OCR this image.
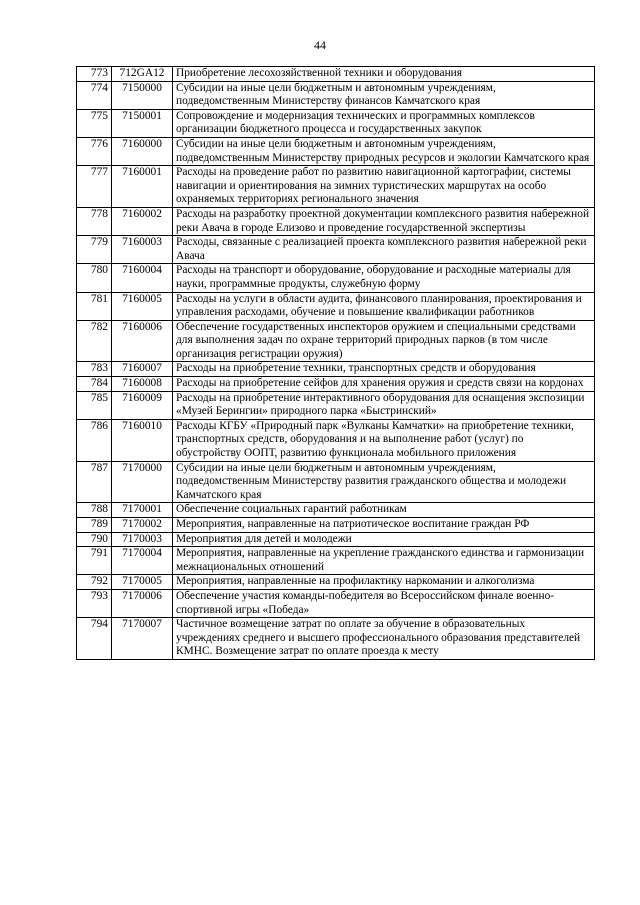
44
773	712GA12	Приобретение лесохозяйственной техники и оборудования
774	7150000	Субсидии на иные цели бюджетным и автономным учреждениям, подведомственным Министерству финансов Камчатского края
775	7150001	Сопровождение и модернизация технических и программных комплексов организации бюджетного процесса и государственных закупок
776	7160000	Субсидии на иные цели бюджетным и автономным учреждениям, подведомственным Министерству природных ресурсов и экологии Камчатского края
777	7160001	Расходы на проведение работ по развитию навигационной картографии, системы навигации и ориентирования на зимних туристических маршрутах на особо охраняемых территориях регионального значения
778	7160002	Расходы на разработку проектной документации комплексного развития набережной реки Авача в городе Елизово и проведение государственной экспертизы
779	7160003	Расходы, связанные с реализацией проекта комплексного развития набережной реки Авача
780	7160004	Расходы на транспорт и оборудование, оборудование и расходные материалы для науки, программные продукты, служебную форму
781	7160005	Расходы на услуги в области аудита, финансового планирования, проектирования и управления расходами, обучение и повышение квалификации работников
782	7160006	Обеспечение государственных инспекторов оружием и специальными средствами для выполнения задач по охране территорий природных парков (в том числе организация регистрации оружия)
783	7160007	Расходы на приобретение техники, транспортных средств и оборудования
784	7160008	Расходы на приобретение сейфов для хранения оружия и средств связи на кордонах
785	7160009	Расходы на приобретение интерактивного оборудования для оснащения экспозиции «Музей Берингии» природного парка «Быстринский»
786	7160010	Расходы КГБУ «Природный парк «Вулканы Камчатки» на приобретение техники, транспортных средств, оборудования и на выполнение работ (услуг) по обустройству ООПТ, развитию функционала мобильного приложения
787	7170000	Субсидии на иные цели бюджетным и автономным учреждениям, подведомственным Министерству развития гражданского общества и молодежи Камчатского края
788	7170001	Обеспечение социальных гарантий работникам
789	7170002	Мероприятия, направленные на патриотическое воспитание граждан РФ
790	7170003	Мероприятия для детей и молодежи
791	7170004	Мероприятия, направленные на укрепление гражданского единства и гармонизации межнациональных отношений
792	7170005	Мероприятия, направленные на профилактику наркомании и алкоголизма
793	7170006	Обеспечение участия команды-победителя во Всероссийском финале военно-спортивной игры «Победа»
794	7170007	Частичное возмещение затрат по оплате за обучение в образовательных учреждениях среднего и высшего профессионального образования представителей КМНС. Возмещение затрат по оплате проезда к месту
